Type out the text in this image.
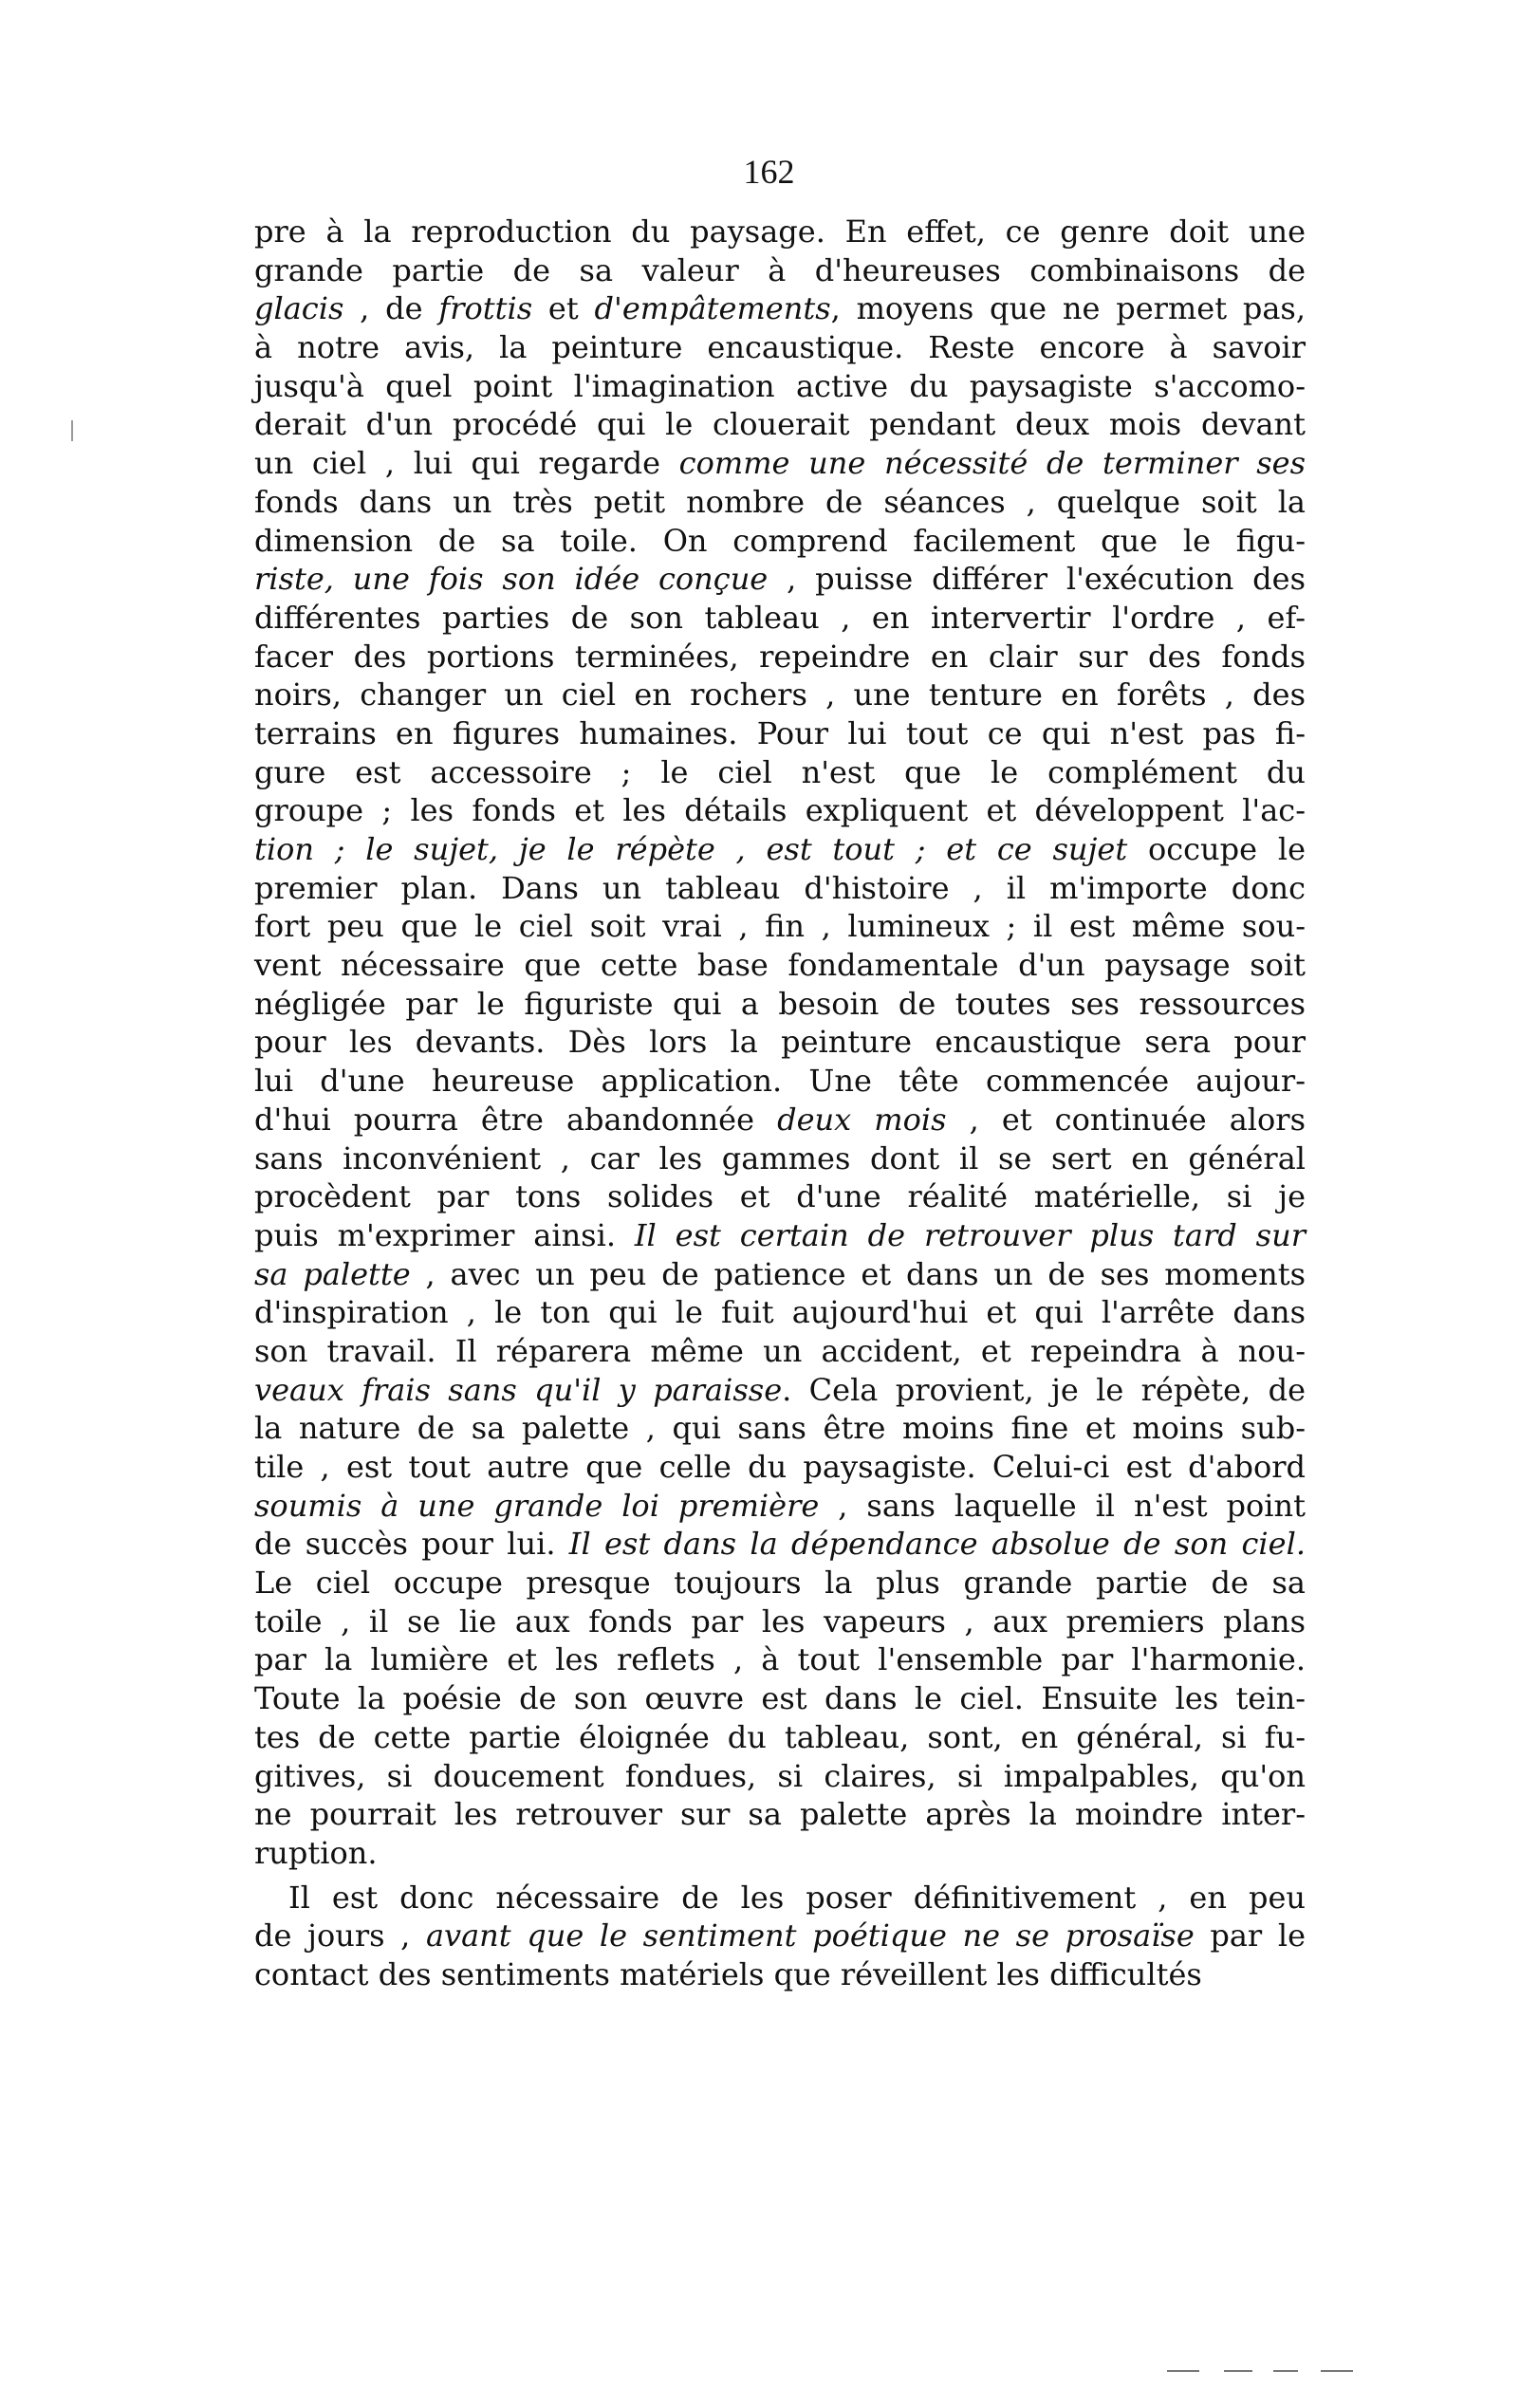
162
pre à la reproduction du paysage. En effet, ce genre doit une
grande partie de sa valeur à d'heureuses combinaisons de
glacis , de frottis et d'empâtements, moyens que ne permet pas,
à notre avis, la peinture encaustique. Reste encore à savoir
jusqu'à quel point l'imagination active du paysagiste s'accomo-
derait d'un procédé qui le clouerait pendant deux mois devant
un ciel , lui qui regarde comme une nécessité de terminer ses
fonds dans un très petit nombre de séances , quelque soit la
dimension de sa toile. On comprend facilement que le figu-
riste, une fois son idée conçue , puisse différer l'exécution des
différentes parties de son tableau , en intervertir l'ordre , ef-
facer des portions terminées, repeindre en clair sur des fonds
noirs, changer un ciel en rochers , une tenture en forêts , des
terrains en figures humaines. Pour lui tout ce qui n'est pas fi-
gure est accessoire ; le ciel n'est que le complément du
groupe ; les fonds et les détails expliquent et développent l'ac-
tion ; le sujet, je le répète , est tout ; et ce sujet occupe le
premier plan. Dans un tableau d'histoire , il m'importe donc
fort peu que le ciel soit vrai , fin , lumineux ; il est même sou-
vent nécessaire que cette base fondamentale d'un paysage soit
négligée par le figuriste qui a besoin de toutes ses ressources
pour les devants. Dès lors la peinture encaustique sera pour
lui d'une heureuse application. Une tête commencée aujour-
d'hui pourra être abandonnée deux mois , et continuée alors
sans inconvénient , car les gammes dont il se sert en général
procèdent par tons solides et d'une réalité matérielle, si je
puis m'exprimer ainsi. Il est certain de retrouver plus tard sur
sa palette , avec un peu de patience et dans un de ses moments
d'inspiration , le ton qui le fuit aujourd'hui et qui l'arrête dans
son travail. Il réparera même un accident, et repeindra à nou-
veaux frais sans qu'il y paraisse. Cela provient, je le répète, de
la nature de sa palette , qui sans être moins fine et moins sub-
tile , est tout autre que celle du paysagiste. Celui-ci est d'abord
soumis à une grande loi première , sans laquelle il n'est point
de succès pour lui. Il est dans la dépendance absolue de son ciel.
Le ciel occupe presque toujours la plus grande partie de sa
toile , il se lie aux fonds par les vapeurs , aux premiers plans
par la lumière et les reflets , à tout l'ensemble par l'harmonie.
Toute la poésie de son œuvre est dans le ciel. Ensuite les tein-
tes de cette partie éloignée du tableau, sont, en général, si fu-
gitives, si doucement fondues, si claires, si impalpables, qu'on
ne pourrait les retrouver sur sa palette après la moindre inter-
ruption.
Il est donc nécessaire de les poser définitivement , en peu
de jours , avant que le sentiment poétique ne se prosaïse par le
contact des sentiments matériels que réveillent les difficultés
